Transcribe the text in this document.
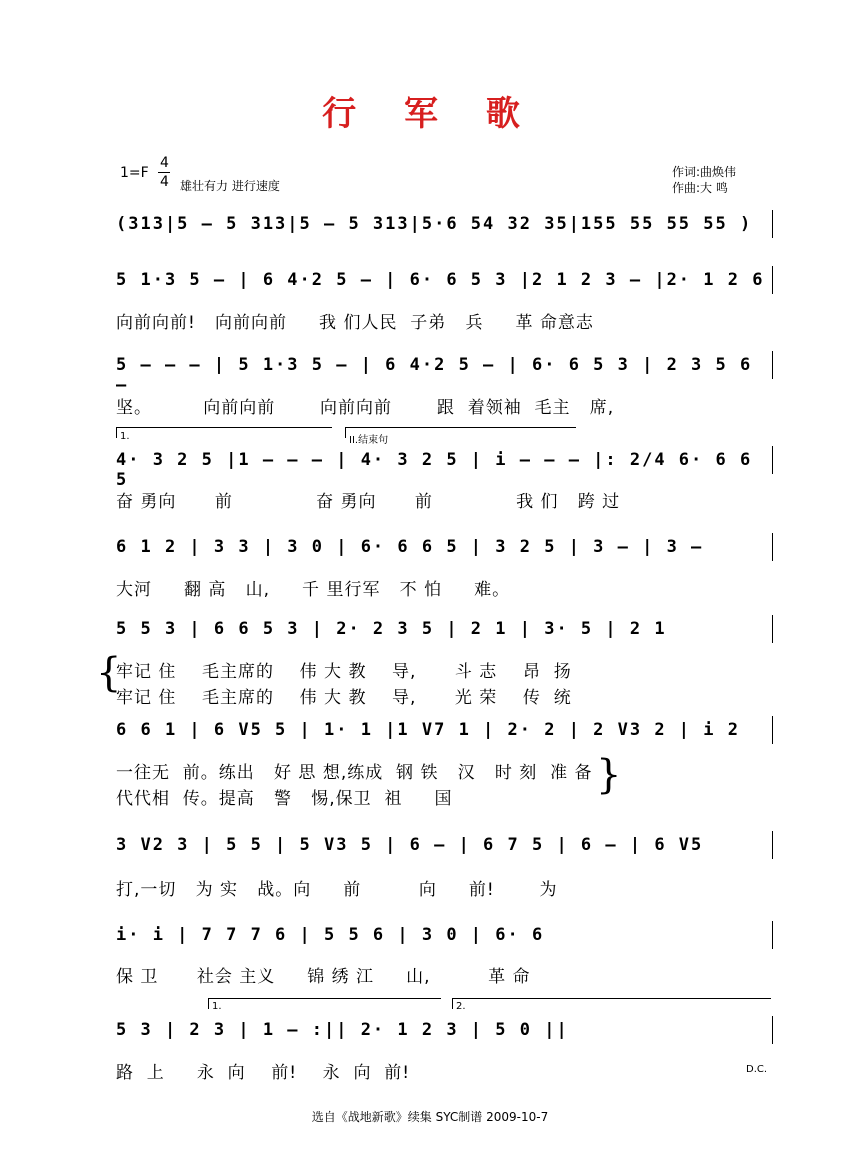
行 军 歌
1=F
4
4 雄壮有力 进行速度
作词:曲焕伟
作曲:大 鸣
(313|5 – 5 313|5 – 5 313|5·6 54 32 35|155 55 55 55 )
5 1·3 5 – | 6 4·2 5 – | 6· 6 5 3 |2 1 2 3 – |2· 1 2 6
向前向前!   向前向前     我 们人民  子弟   兵     革 命意志
5 – – – | 5 1·3 5 – | 6 4·2 5 – | 6· 6 5 3 | 2 3 5 6 –
坚。        向前向前       向前向前       跟  着领袖  毛主   席,
4· 3 2 5 |1 – – – | 4· 3 2 5 | i – – – |: 2/4 6· 6 6 5
奋 勇向      前             奋 勇向      前             我 们   跨 过
6 1 2 | 3 3 | 3 0 | 6· 6 6 5 | 3 2 5 | 3 – | 3 –
大河     翻 高   山,     千 里行军   不 怕     难。
5 5 3 | 6 6 5 3 | 2· 2 3 5 | 2 1 | 3· 5 | 2 1
牢记 住    毛主席的    伟 大 教    导,      斗 志    昂  扬
牢记 住    毛主席的    伟 大 教    导,      光 荣    传  统
6 6 1 | 6 V5 5 | 1· 1 |1 V7 1 | 2· 2 | 2 V3 2 | i 2
一往无  前。练出   好 思 想,练成  钢 铁   汉   时 刻  准 备
代代相  传。提高   警   惕,保卫  祖     国
3 V2 3 | 5 5 | 5 V3 5 | 6 – | 6 7 5 | 6 – | 6 V5
打,一切   为 实   战。向     前         向     前!       为
i· i | 7 7 7 6 | 5 5 6 | 3 0 | 6· 6
保 卫      社会 主义     锦 绣 江     山,         革 命
5 3 | 2 3 | 1 – :|| 2· 1 2 3 | 5 0 ||
路  上     永  向    前!    永  向  前!
1.	II.结束句
1.	2.
{
}
D.C.
选自《战地新歌》续集 SYC制谱 2009-10-7
